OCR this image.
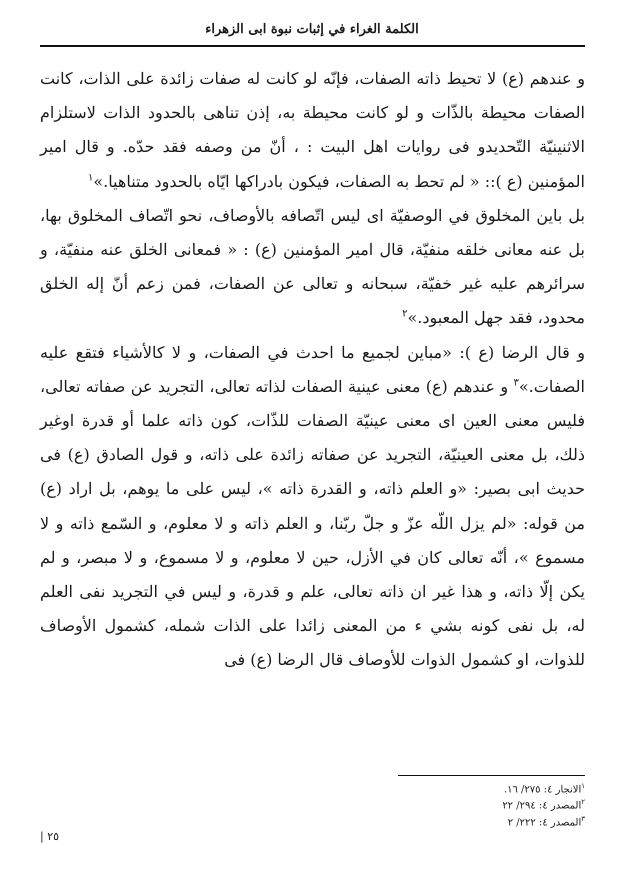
الكلمة الغراء في إثبات نبوة ابی الزهراء

و عندهم (ع) لا تحيط ذاته الصفات، فإنّه لو كانت له صفات زائدة على الذات، كانت الصفات محيطة بالذّات و لو كانت محيطة به، إذن تناهى بالحدود الذات لاستلزام الاثنينيّة التّحديدو فى روايات اهل البيت : ، أنّ من وصفه فقد حدّه. و قال امير المؤمنين (ع ):: « لم تحط به الصفات، فيكون بادراكها ايّاه بالحدود متناهيا.»$^١$

بل باين المخلوق في الوصفيّة اى ليس اتّصافه بالأوصاف، نحو اتّصاف المخلوق بها، بل عنه معانی خلقه منفيّة، قال امير المؤمنين (ع) : « فمعانى الخلق عنه منفيّة، و سرائرهم عليه غير خفيّة، سبحانه و تعالى عن الصفات، فمن زعم أنّ إله الخلق محدود، فقد جهل المعبود.»$^٢$

و قال الرضا (ع ): «مباين لجميع ما احدث في الصفات، و لا كالأشياء فتقع عليه الصفات.»$^٣$ و عندهم (ع) معنی عينية الصفات لذاته تعالى، التجريد عن صفاته تعالى، فليس معنى العين اى معنى عينيّة الصفات للذّات، كون ذاته علما أو قدرة اوغير ذلك، بل معنى العينيّة، التجريد عن صفاته زائدة على ذاته، و قول الصادق (ع) فی حديث ابی بصير: «و العلم ذاته، و القدرة ذاته »، ليس على ما يوهم، بل اراد (ع) من قوله: «لم يزل اللّه عزّ و جلّ ربّنا، و العلم ذاته و لا معلوم، و السّمع ذاته و لا مسموع »، أنّه تعالى كان في الأزل، حين لا معلوم، و لا مسموع، و لا مبصر، و لم يكن إلّا ذاته، و هذا غير ان ذاته تعالى، علم و قدرة، و ليس في التجريد نفى العلم له، بل نفى كونه بشي ء من المعنى زائدا على الذات شمله، كشمول الأوصاف للذوات، او كشمول الذوات للأوصاف قال الرضا (ع) فی

$^١$الانجار ٤: ٢٧٥/ ١٦.
$^٢$المصدر ٤: ٢٩٤/ ٢٢
$^٣$المصدر ٤: ٢٢٢/ ٢
٢٥ |
